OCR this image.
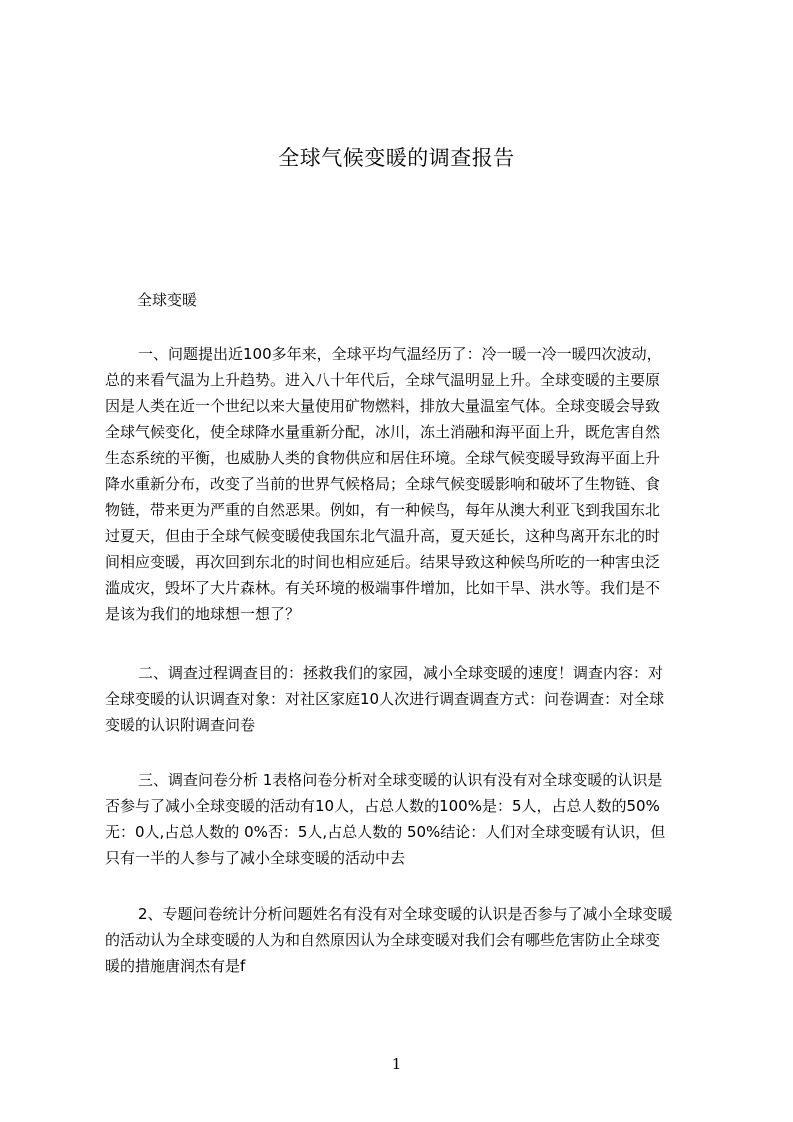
全球气候变暖的调查报告
全球变暖
一、问题提出近100多年来，全球平均气温经历了：冷一暖一冷一暖四次波动，
总的来看气温为上升趋势。进入八十年代后，全球气温明显上升。全球变暖的主要原
因是人类在近一个世纪以来大量使用矿物燃料，排放大量温室气体。全球变暖会导致
全球气候变化，使全球降水量重新分配，冰川，冻土消融和海平面上升，既危害自然
生态系统的平衡，也威胁人类的食物供应和居住环境。全球气候变暖导致海平面上升
降水重新分布，改变了当前的世界气候格局；全球气候变暖影响和破坏了生物链、食
物链，带来更为严重的自然恶果。例如，有一种候鸟，每年从澳大利亚飞到我国东北
过夏天，但由于全球气候变暖使我国东北气温升高，夏天延长，这种鸟离开东北的时
间相应变暖，再次回到东北的时间也相应延后。结果导致这种候鸟所吃的一种害虫泛
滥成灾，毁坏了大片森林。有关环境的极端事件增加，比如干旱、洪水等。我们是不
是该为我们的地球想一想了？
二、调查过程调查目的：拯救我们的家园，减小全球变暖的速度！调查内容：对
全球变暖的认识调查对象：对社区家庭10人次进行调查调查方式：问卷调查：对全球
变暖的认识附调查问卷
三、调查问卷分析 1表格问卷分析对全球变暖的认识有没有对全球变暖的认识是
否参与了减小全球变暖的活动有10人，占总人数的100%是：5人，占总人数的50%
无：0人,占总人数的 0%否：5人,占总人数的 50%结论：人们对全球变暖有认识，但
只有一半的人参与了减小全球变暖的活动中去
2、专题问卷统计分析问题姓名有没有对全球变暖的认识是否参与了减小全球变暖
的活动认为全球变暖的人为和自然原因认为全球变暖对我们会有哪些危害防止全球变
暖的措施唐润杰有是f
1
